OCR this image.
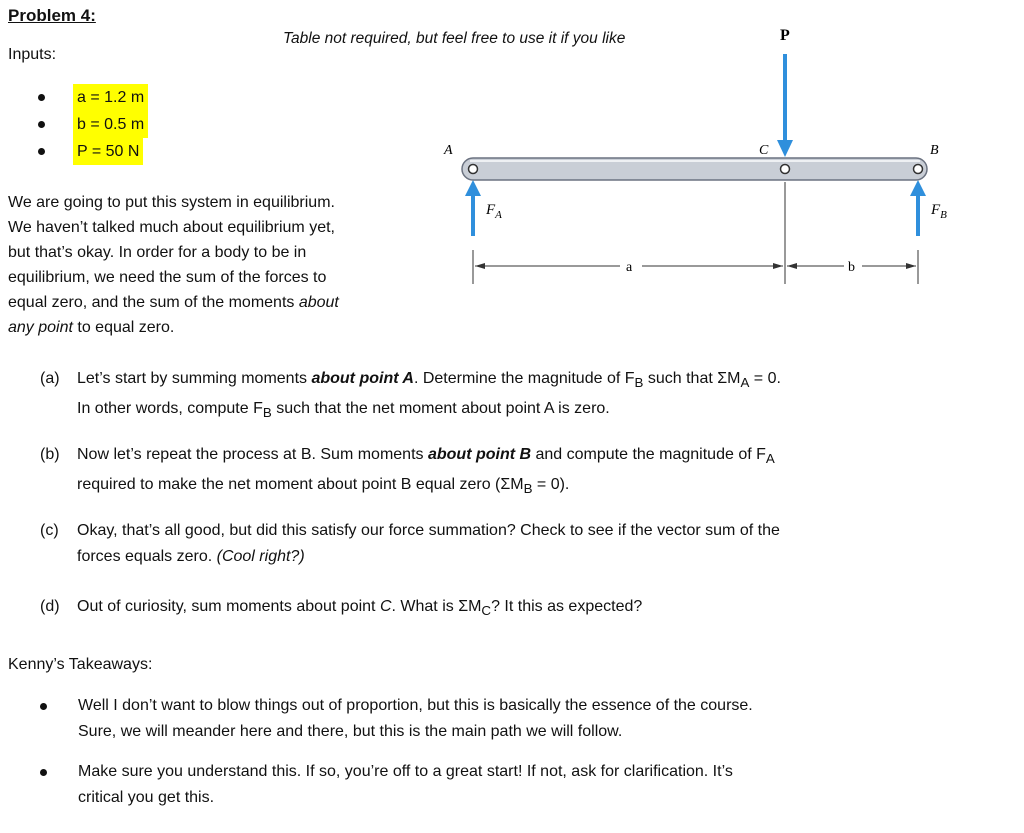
Problem 4:
Inputs:
Table not required, but feel free to use it if you like
a = 1.2 m
b = 0.5 m
P = 50 N
We are going to put this system in equilibrium.
We haven’t talked much about equilibrium yet,
but that’s okay. In order for a body to be in
equilibrium, we need the sum of the forces to
equal zero, and the sum of the moments about
any point to equal zero.
P
A	C	B
$F_A$	$F_B$
a	b
(a) Let’s start by summing moments about point A. Determine the magnitude of $F_B$ such that $\Sigma M_A = 0$.
In other words, compute $F_B$ such that the net moment about point A is zero.
(b) Now let’s repeat the process at B. Sum moments about point B and compute the magnitude of $F_A$
required to make the net moment about point B equal zero $(\Sigma M_B = 0)$.
(c) Okay, that’s all good, but did this satisfy our force summation? Check to see if the vector sum of the
forces equals zero. (Cool right?)
(d) Out of curiosity, sum moments about point C. What is $\Sigma M_C$? It this as expected?
Kenny’s Takeaways:
Well I don’t want to blow things out of proportion, but this is basically the essence of the course.
Sure, we will meander here and there, but this is the main path we will follow.
Make sure you understand this. If so, you’re off to a great start! If not, ask for clarification. It’s
critical you get this.
